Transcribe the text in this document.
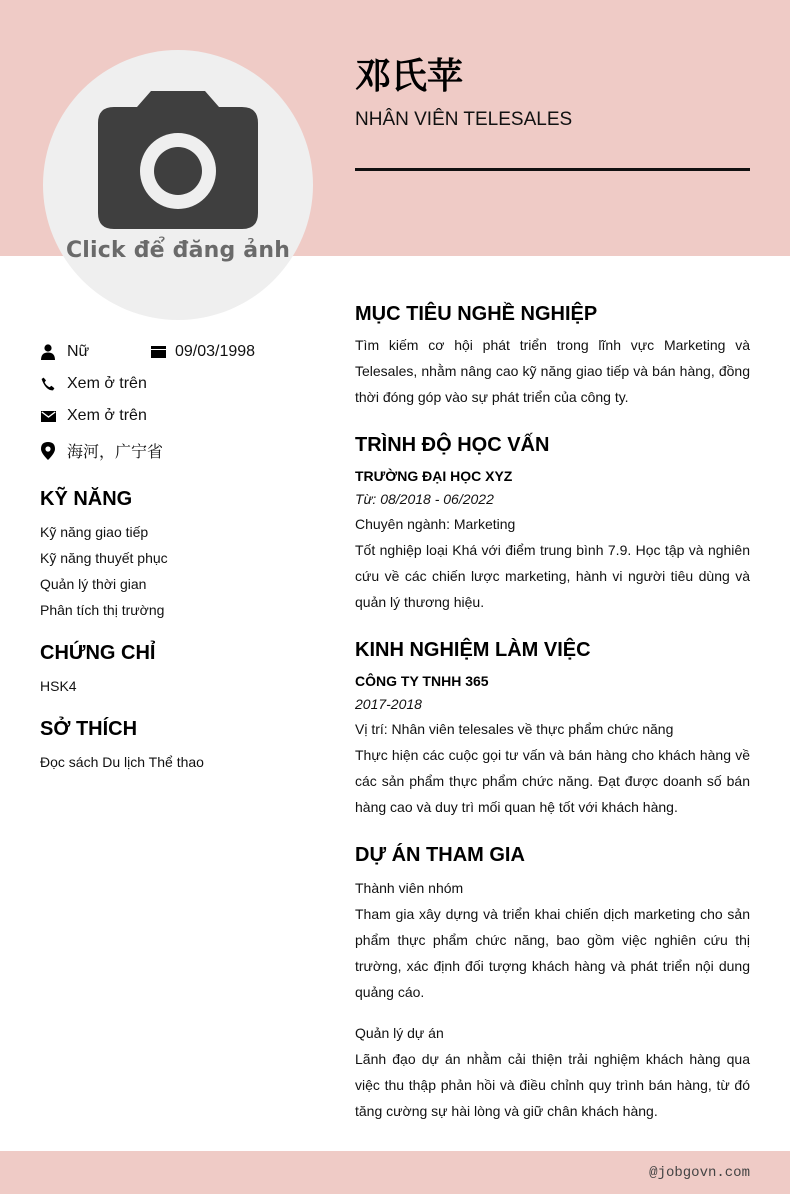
@jobgovn.com
Click để đăng ảnh
邓氏苹
NHÂN VIÊN TELESALES
Nữ	09/03/1998
Xem ở trên
Xem ở trên
海河，广宁省
KỸ NĂNG
Kỹ năng giao tiếp
Kỹ năng thuyết phục
Quản lý thời gian
Phân tích thị trường
CHỨNG CHỈ
HSK4
SỞ THÍCH
Đọc sách Du lịch Thể thao
MỤC TIÊU NGHỀ NGHIỆP
Tìm kiếm cơ hội phát triển trong lĩnh vực Marketing và Telesales, nhằm nâng cao kỹ năng giao tiếp và bán hàng, đồng thời đóng góp vào sự phát triển của công ty.
TRÌNH ĐỘ HỌC VẤN
TRƯỜNG ĐẠI HỌC XYZ
Từ: 08/2018 - 06/2022
Chuyên ngành: Marketing
Tốt nghiệp loại Khá với điểm trung bình 7.9. Học tập và nghiên cứu về các chiến lược marketing, hành vi người tiêu dùng và quản lý thương hiệu.
KINH NGHIỆM LÀM VIỆC
CÔNG TY TNHH 365
2017-2018
Vị trí: Nhân viên telesales về thực phẩm chức năng
Thực hiện các cuộc gọi tư vấn và bán hàng cho khách hàng về các sản phẩm thực phẩm chức năng. Đạt được doanh số bán hàng cao và duy trì mối quan hệ tốt với khách hàng.
DỰ ÁN THAM GIA
Thành viên nhóm
Tham gia xây dựng và triển khai chiến dịch marketing cho sản phẩm thực phẩm chức năng, bao gồm việc nghiên cứu thị trường, xác định đối tượng khách hàng và phát triển nội dung quảng cáo.
Quản lý dự án
Lãnh đạo dự án nhằm cải thiện trải nghiệm khách hàng qua việc thu thập phản hồi và điều chỉnh quy trình bán hàng, từ đó tăng cường sự hài lòng và giữ chân khách hàng.
